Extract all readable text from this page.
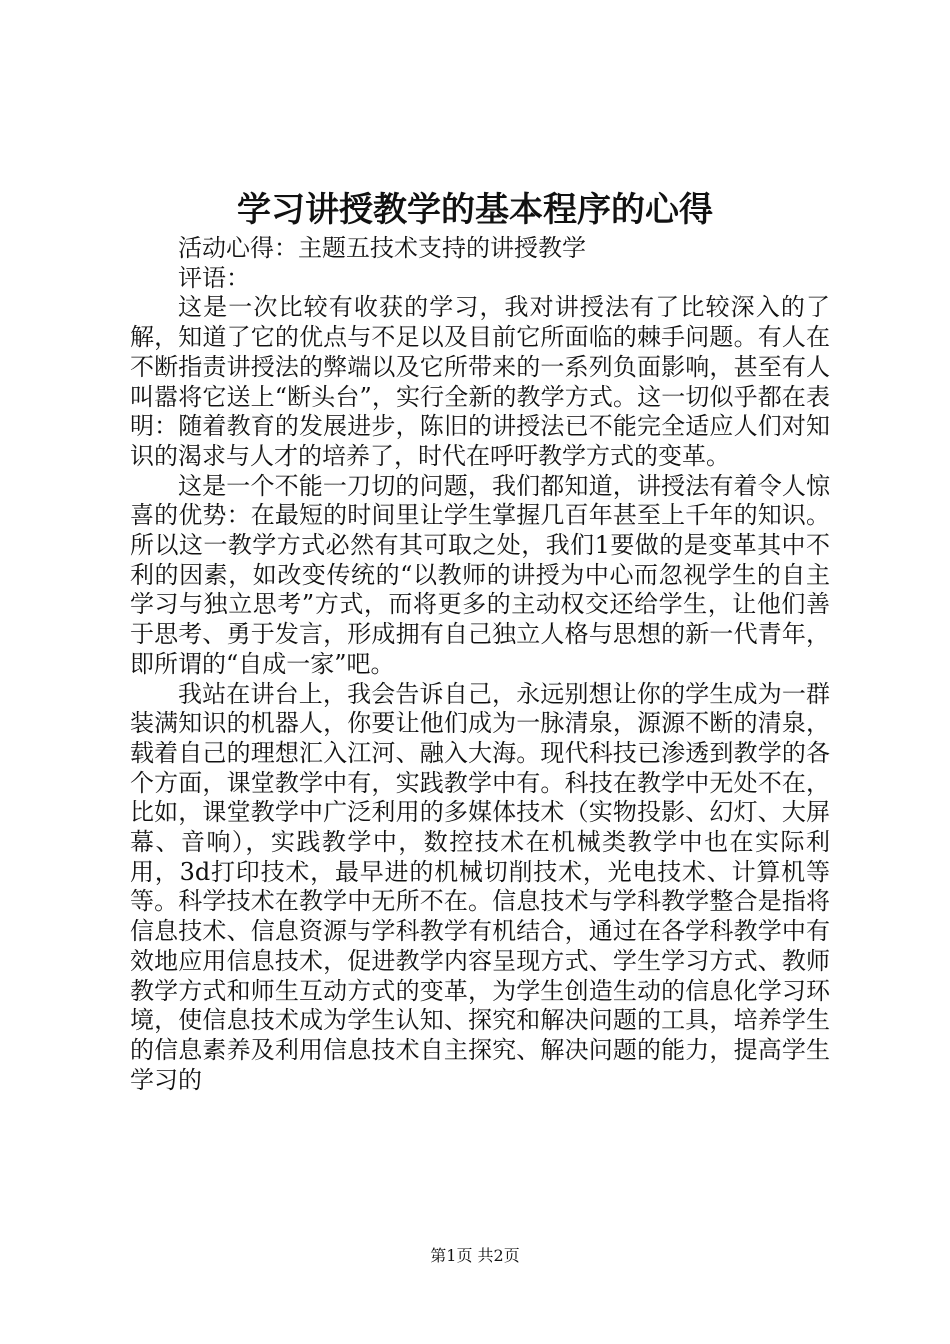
学习讲授教学的基本程序的心得

活动心得：主题五技术支持的讲授教学

评语：

这是一次比较有收获的学习，我对讲授法有了比较深入的了解，知道了它的优点与不足以及目前它所面临的棘手问题。有人在不断指责讲授法的弊端以及它所带来的一系列负面影响，甚至有人叫嚣将它送上“断头台”，实行全新的教学方式。这一切似乎都在表明：随着教育的发展进步，陈旧的讲授法已不能完全适应人们对知识的渴求与人才的培养了，时代在呼吁教学方式的变革。

这是一个不能一刀切的问题，我们都知道，讲授法有着令人惊喜的优势：在最短的时间里让学生掌握几百年甚至上千年的知识。所以这一教学方式必然有其可取之处，我们1要做的是变革其中不利的因素，如改变传统的“以教师的讲授为中心而忽视学生的自主学习与独立思考”方式，而将更多的主动权交还给学生，让他们善于思考、勇于发言，形成拥有自己独立人格与思想的新一代青年，即所谓的“自成一家”吧。

我站在讲台上，我会告诉自己，永远别想让你的学生成为一群装满知识的机器人，你要让他们成为一脉清泉，源源不断的清泉，载着自己的理想汇入江河、融入大海。现代科技已渗透到教学的各个方面，课堂教学中有，实践教学中有。科技在教学中无处不在，比如，课堂教学中广泛利用的多媒体技术（实物投影、幻灯、大屏幕、音响），实践教学中，数控技术在机械类教学中也在实际利用，3d打印技术，最早进的机械切削技术，光电技术、计算机等等。科学技术在教学中无所不在。信息技术与学科教学整合是指将信息技术、信息资源与学科教学有机结合，通过在各学科教学中有效地应用信息技术，促进教学内容呈现方式、学生学习方式、教师教学方式和师生互动方式的变革，为学生创造生动的信息化学习环境，使信息技术成为学生认知、探究和解决问题的工具，培养学生的信息素养及利用信息技术自主探究、解决问题的能力，提高学生学习的

第1页 共2页
